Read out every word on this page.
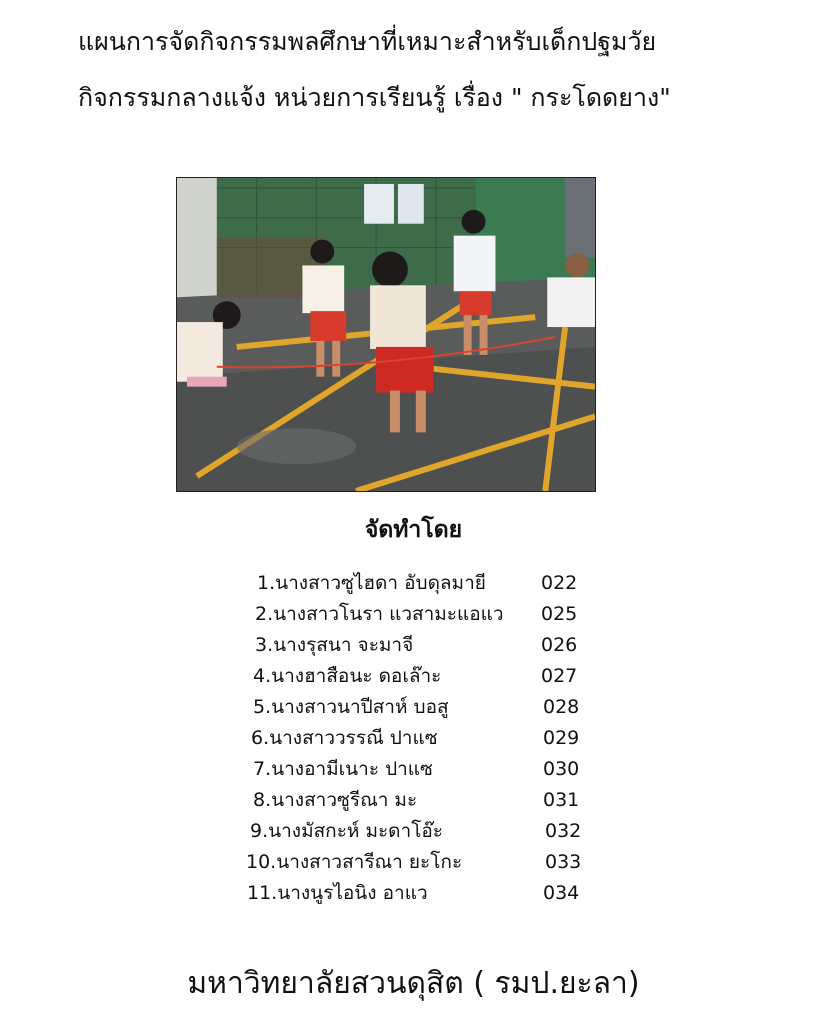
แผนการจัดกิจกรรมพลศึกษาที่เหมาะสำหรับเด็กปฐมวัย
กิจกรรมกลางแจ้ง หน่วยการเรียนรู้ เรื่อง " กระโดดยาง"
จัดทำโดย
1.นางสาวซูไฮดา อับดุลมายี	022
2.นางสาวโนรา แวสามะแอแว 025
3.นางรุสนา จะมาจี	026
4.นางฮาสือนะ ดอเล๊าะ	027
5.นางสาวนาปีสาห์ บอสู	028
6.นางสาววรรณี ปาแซ	029
7.นางอามีเนาะ ปาแซ	030
8.นางสาวซูรีณา มะ	031
9.นางมัสกะห์ มะดาโอ๊ะ	032
10.นางสาวสารีณา ยะโกะ	033
11.นางนูรไอนิง อาแว	034
มหาวิทยาลัยสวนดุสิต ( รมป.ยะลา)
